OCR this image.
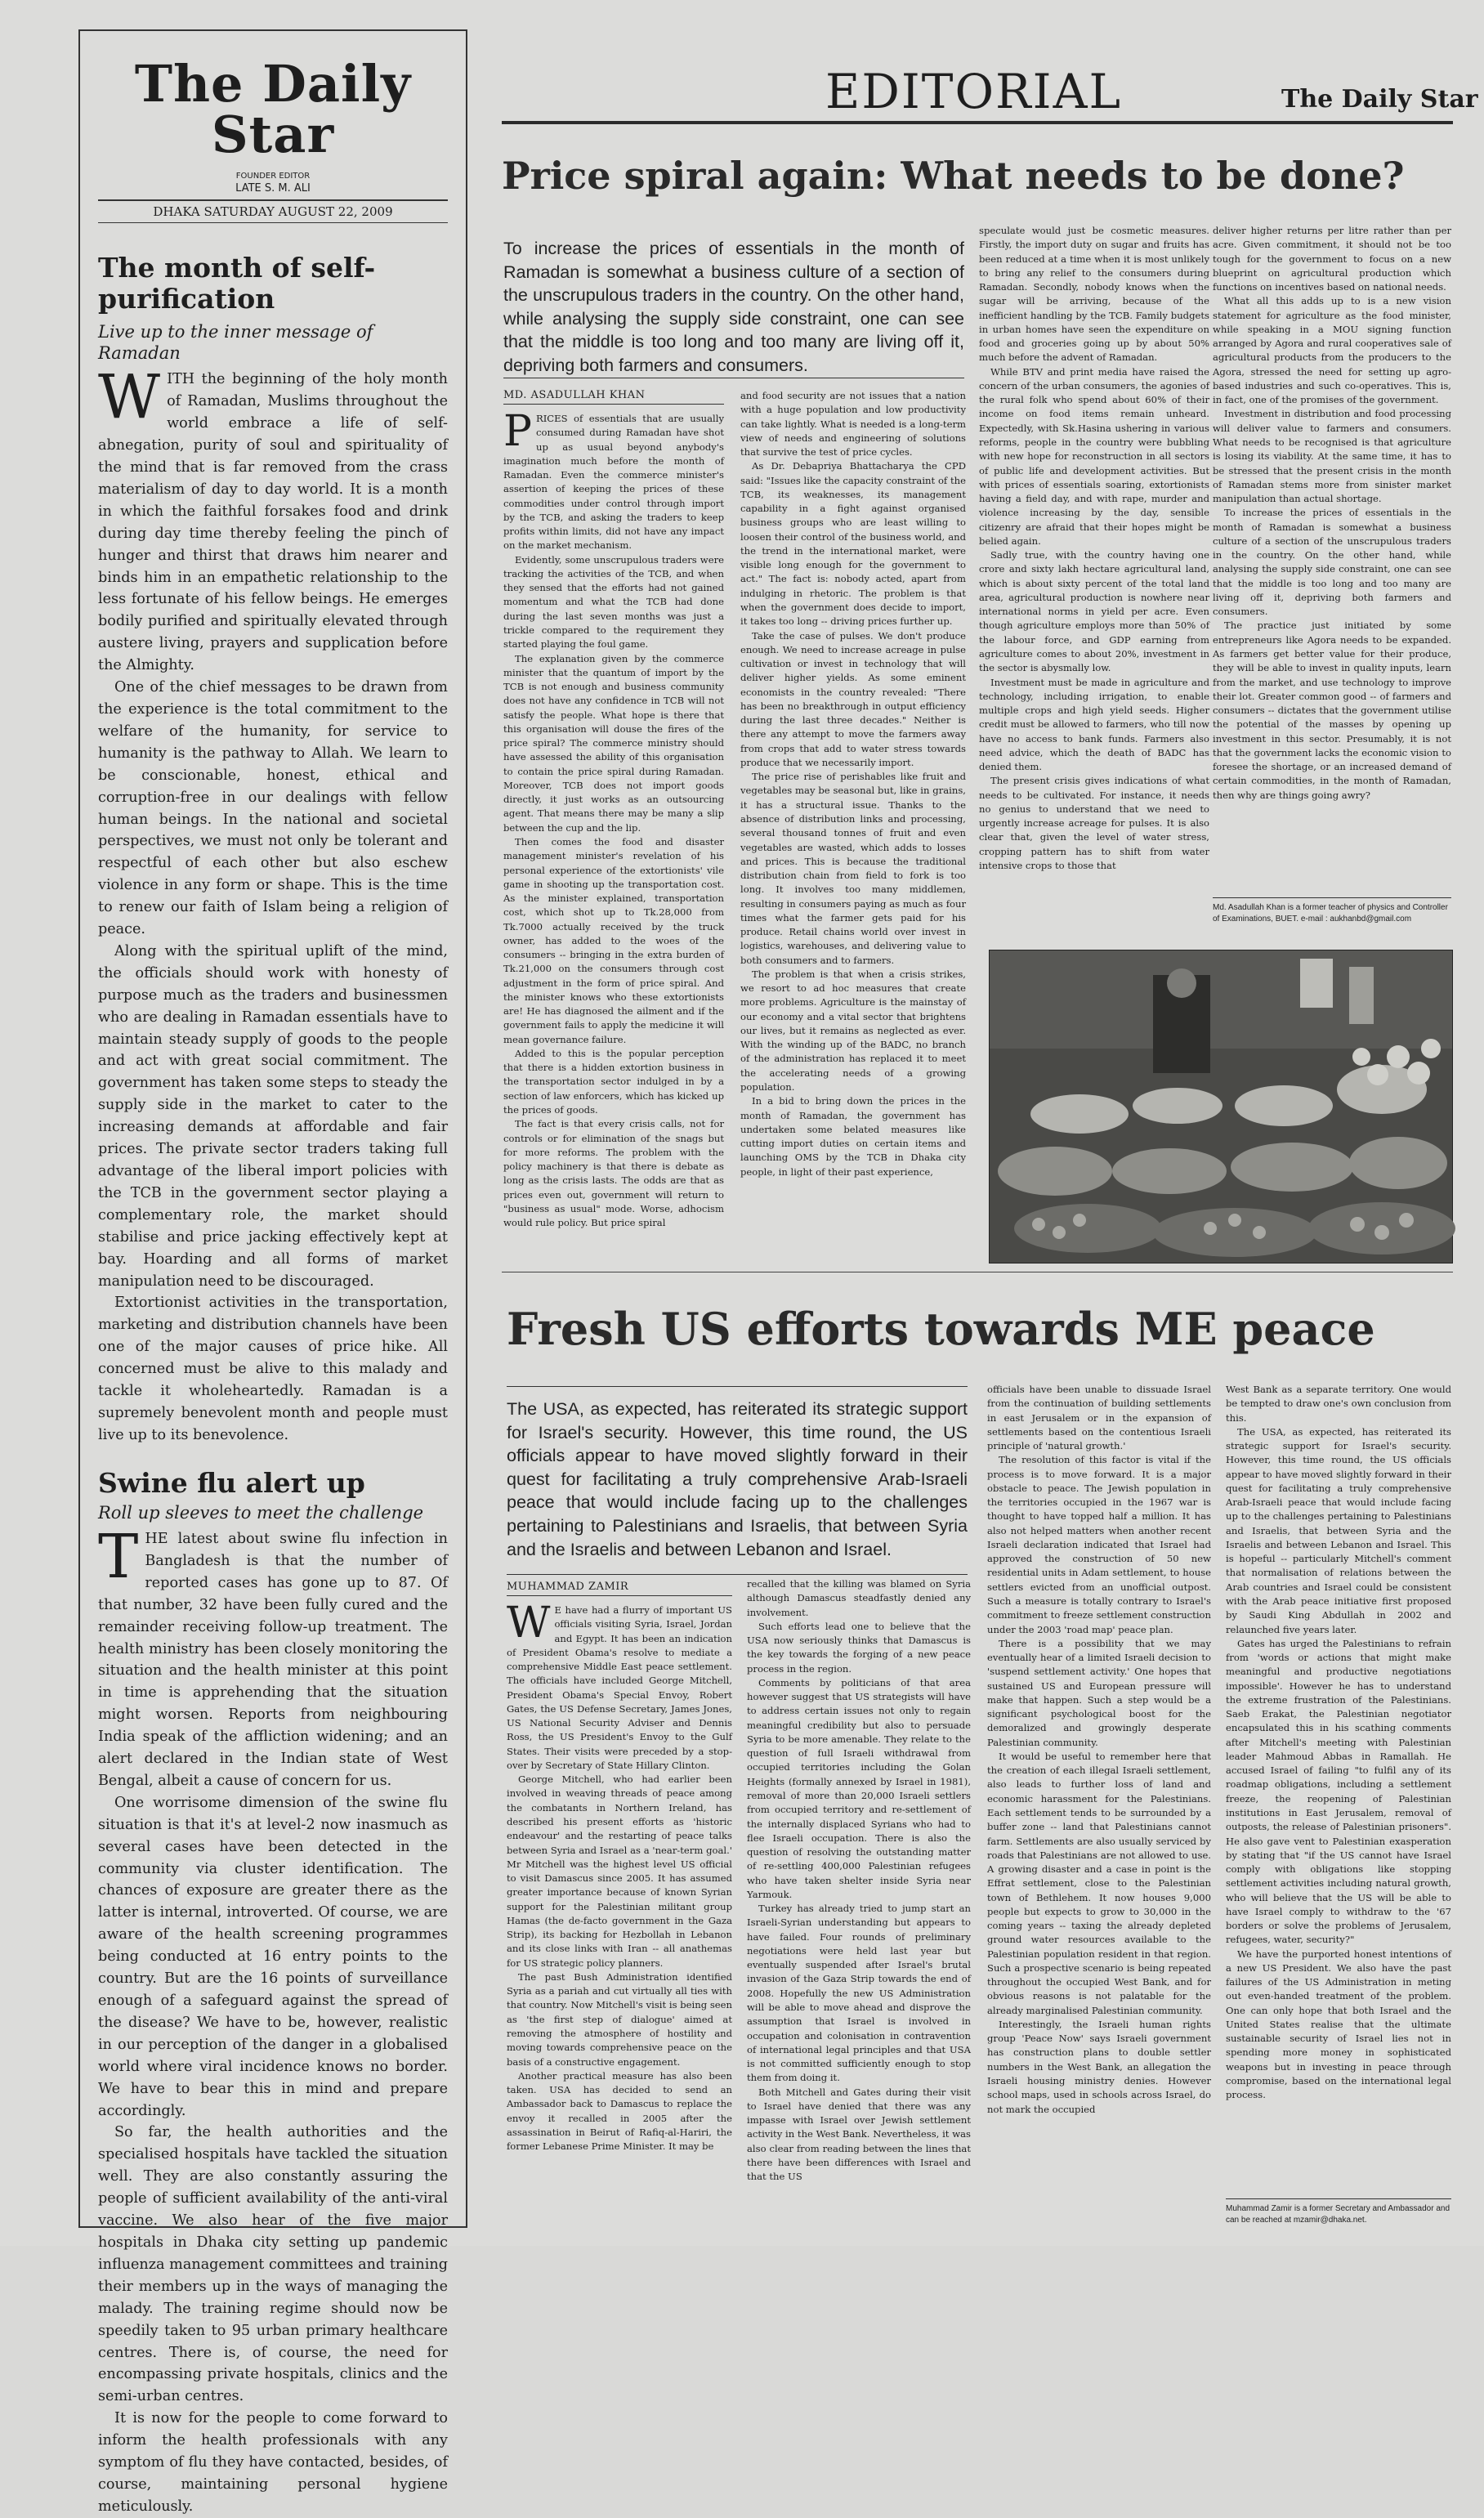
The Daily Star
FOUNDER EDITOR
LATE S. M. ALI
DHAKA SATURDAY AUGUST 22, 2009
The month of self-purification
Live up to the inner message of Ramadan

WITH the beginning of the holy month of Ramadan, Muslims throughout the world embrace a life of self-abnegation, purity of soul and spirituality of the mind that is far removed from the crass materialism of day to day world. It is a month in which the faithful forsakes food and drink during day time thereby feeling the pinch of hunger and thirst that draws him nearer and binds him in an empathetic relationship to the less fortunate of his fellow beings. He emerges bodily purified and spiritually elevated through austere living, prayers and supplication before the Almighty.

One of the chief messages to be drawn from the experience is the total commitment to the welfare of the humanity, for service to humanity is the pathway to Allah. We learn to be conscionable, honest, ethical and corruption-free in our dealings with fellow human beings. In the national and societal perspectives, we must not only be tolerant and respectful of each other but also eschew violence in any form or shape. This is the time to renew our faith of Islam being a religion of peace.

Along with the spiritual uplift of the mind, the officials should work with honesty of purpose much as the traders and businessmen who are dealing in Ramadan essentials have to maintain steady supply of goods to the people and act with great social commitment. The government has taken some steps to steady the supply side in the market to cater to the increasing demands at affordable and fair prices. The private sector traders taking full advantage of the liberal import policies with the TCB in the government sector playing a complementary role, the market should stabilise and price jacking effectively kept at bay. Hoarding and all forms of market manipulation need to be discouraged.

Extortionist activities in the transportation, marketing and distribution channels have been one of the major causes of price hike. All concerned must be alive to this malady and tackle it wholeheartedly. Ramadan is a supremely benevolent month and people must live up to its benevolence.

Swine flu alert up
Roll up sleeves to meet the challenge

THE latest about swine flu infection in Bangladesh is that the number of reported cases has gone up to 87. Of that number, 32 have been fully cured and the remainder receiving follow-up treatment. The health ministry has been closely monitoring the situation and the health minister at this point in time is apprehending that the situation might worsen. Reports from neighbouring India speak of the affliction widening; and an alert declared in the Indian state of West Bengal, albeit a cause of concern for us.

One worrisome dimension of the swine flu situation is that it's at level-2 now inasmuch as several cases have been detected in the community via cluster identification. The chances of exposure are greater there as the latter is internal, introverted. Of course, we are aware of the health screening programmes being conducted at 16 entry points to the country. But are the 16 points of surveillance enough of a safeguard against the spread of the disease? We have to be, however, realistic in our perception of the danger in a globalised world where viral incidence knows no border. We have to bear this in mind and prepare accordingly.

So far, the health authorities and the specialised hospitals have tackled the situation well. They are also constantly assuring the people of sufficient availability of the anti-viral vaccine. We also hear of the five major hospitals in Dhaka city setting up pandemic influenza management committees and training their members up in the ways of managing the malady. The training regime should now be speedily taken to 95 urban primary healthcare centres. There is, of course, the need for encompassing private hospitals, clinics and the semi-urban centres.

It is now for the people to come forward to inform the health professionals with any symptom of flu they have contacted, besides, of course, maintaining personal hygiene meticulously.

EDITORIAL	The Daily Star
Price spiral again: What needs to be done?
To increase the prices of essentials in the month of Ramadan is somewhat a business culture of a section of the unscrupulous traders in the country. On the other hand, while analysing the supply side constraint, one can see that the middle is too long and too many are living off it, depriving both farmers and consumers.
MD. ASADULLAH KHAN

PRICES of essentials that are usually consumed during Ramadan have shot up as usual beyond anybody's imagination much before the month of Ramadan. Even the commerce minister's assertion of keeping the prices of these commodities under control through import by the TCB, and asking the traders to keep profits within limits, did not have any impact on the market mechanism.

Evidently, some unscrupulous traders were tracking the activities of the TCB, and when they sensed that the efforts had not gained momentum and what the TCB had done during the last seven months was just a trickle compared to the requirement they started playing the foul game.

The explanation given by the commerce minister that the quantum of import by the TCB is not enough and business community does not have any confidence in TCB will not satisfy the people. What hope is there that this organisation will douse the fires of the price spiral? The commerce ministry should have assessed the ability of this organisation to contain the price spiral during Ramadan. Moreover, TCB does not import goods directly, it just works as an outsourcing agent. That means there may be many a slip between the cup and the lip.

Then comes the food and disaster management minister's revelation of his personal experience of the extortionists' vile game in shooting up the transportation cost. As the minister explained, transportation cost, which shot up to Tk.28,000 from Tk.7000 actually received by the truck owner, has added to the woes of the consumers -- bringing in the extra burden of Tk.21,000 on the consumers through cost adjustment in the form of price spiral. And the minister knows who these extortionists are! He has diagnosed the ailment and if the government fails to apply the medicine it will mean governance failure.

Added to this is the popular perception that there is a hidden extortion business in the transportation sector indulged in by a section of law enforcers, which has kicked up the prices of goods.

The fact is that every crisis calls, not for controls or for elimination of the snags but for more reforms. The problem with the policy machinery is that there is debate as long as the crisis lasts. The odds are that as prices even out, government will return to "business as usual" mode. Worse, adhocism would rule policy. But price spiral

and food security are not issues that a nation with a huge population and low productivity can take lightly. What is needed is a long-term view of needs and engineering of solutions that survive the test of price cycles.

As Dr. Debapriya Bhattacharya the CPD said: "Issues like the capacity constraint of the TCB, its weaknesses, its management capability in a fight against organised business groups who are least willing to loosen their control of the business world, and the trend in the international market, were visible long enough for the government to act." The fact is: nobody acted, apart from indulging in rhetoric. The problem is that when the government does decide to import, it takes too long -- driving prices further up.

Take the case of pulses. We don't produce enough. We need to increase acreage in pulse cultivation or invest in technology that will deliver higher yields. As some eminent economists in the country revealed: "There has been no breakthrough in output efficiency during the last three decades." Neither is there any attempt to move the farmers away from crops that add to water stress towards produce that we necessarily import.

The price rise of perishables like fruit and vegetables may be seasonal but, like in grains, it has a structural issue. Thanks to the absence of distribution links and processing, several thousand tonnes of fruit and even vegetables are wasted, which adds to losses and prices. This is because the traditional distribution chain from field to fork is too long. It involves too many middlemen, resulting in consumers paying as much as four times what the farmer gets paid for his produce. Retail chains world over invest in logistics, warehouses, and delivering value to both consumers and to farmers.

The problem is that when a crisis strikes, we resort to ad hoc measures that create more problems. Agriculture is the mainstay of our economy and a vital sector that brightens our lives, but it remains as neglected as ever. With the winding up of the BADC, no branch of the administration has replaced it to meet the accelerating needs of a growing population.

In a bid to bring down the prices in the month of Ramadan, the government has undertaken some belated measures like cutting import duties on certain items and launching OMS by the TCB in Dhaka city people, in light of their past experience,

speculate would just be cosmetic measures. Firstly, the import duty on sugar and fruits has been reduced at a time when it is most unlikely to bring any relief to the consumers during Ramadan. Secondly, nobody knows when the sugar will be arriving, because of the inefficient handling by the TCB. Family budgets in urban homes have seen the expenditure on food and groceries going up by about 50% much before the advent of Ramadan.

While BTV and print media have raised the concern of the urban consumers, the agonies of the rural folk who spend about 60% of their income on food items remain unheard. Expectedly, with Sk.Hasina ushering in various reforms, people in the country were bubbling with new hope for reconstruction in all sectors of public life and development activities. But with prices of essentials soaring, extortionists having a field day, and with rape, murder and violence increasing by the day, sensible citizenry are afraid that their hopes might be belied again.

Sadly true, with the country having one crore and sixty lakh hectare agricultural land, which is about sixty percent of the total land area, agricultural production is nowhere near international norms in yield per acre. Even though agriculture employs more than 50% of the labour force, and GDP earning from agriculture comes to about 20%, investment in the sector is abysmally low.

Investment must be made in agriculture and technology, including irrigation, to enable multiple crops and high yield seeds. Higher credit must be allowed to farmers, who till now have no access to bank funds. Farmers also need advice, which the death of BADC has denied them.

The present crisis gives indications of what needs to be cultivated. For instance, it needs no genius to understand that we need to urgently increase acreage for pulses. It is also clear that, given the level of water stress, cropping pattern has to shift from water intensive crops to those that

deliver higher returns per litre rather than per acre. Given commitment, it should not be too tough for the government to focus on a new blueprint on agricultural production which functions on incentives based on national needs.

What all this adds up to is a new vision statement for agriculture as the food minister, while speaking in a MOU signing function arranged by Agora and rural cooperatives sale of agricultural products from the producers to the Agora, stressed the need for setting up agro-based industries and such co-operatives. This is, in fact, one of the promises of the government.

Investment in distribution and food processing will deliver value to farmers and consumers. What needs to be recognised is that agriculture is losing its viability. At the same time, it has to be stressed that the present crisis in the month of Ramadan stems more from sinister market manipulation than actual shortage.

To increase the prices of essentials in the month of Ramadan is somewhat a business culture of a section of the unscrupulous traders in the country. On the other hand, while analysing the supply side constraint, one can see that the middle is too long and too many are living off it, depriving both farmers and consumers.

The practice just initiated by some entrepreneurs like Agora needs to be expanded. As farmers get better value for their produce, they will be able to invest in quality inputs, learn from the market, and use technology to improve their lot. Greater common good -- of farmers and consumers -- dictates that the government utilise the potential of the masses by opening up investment in this sector. Presumably, it is not that the government lacks the economic vision to foresee the shortage, or an increased demand of certain commodities, in the month of Ramadan, then why are things going awry?

Md. Asadullah Khan is a former teacher of physics and Controller of Examinations, BUET. e-mail : aukhanbd@gmail.com
Fresh US efforts towards ME peace
The USA, as expected, has reiterated its strategic support for Israel's security. However, this time round, the US officials appear to have moved slightly forward in their quest for facilitating a truly comprehensive Arab-Israeli peace that would include facing up to the challenges pertaining to Palestinians and Israelis, that between Syria and the Israelis and between Lebanon and Israel.
MUHAMMAD ZAMIR

W E have had a flurry of important US officials visiting Syria, Israel, Jordan and Egypt. It has been an indication of President Obama's resolve to mediate a comprehensive Middle East peace settlement. The officials have included George Mitchell, President Obama's Special Envoy, Robert Gates, the US Defense Secretary, James Jones, US National Security Adviser and Dennis Ross, the US President's Envoy to the Gulf States. Their visits were preceded by a stop-over by Secretary of State Hillary Clinton.

George Mitchell, who had earlier been involved in weaving threads of peace among the combatants in Northern Ireland, has described his present efforts as 'historic endeavour' and the restarting of peace talks between Syria and Israel as a 'near-term goal.' Mr Mitchell was the highest level US official to visit Damascus since 2005. It has assumed greater importance because of known Syrian support for the Palestinian militant group Hamas (the de-facto government in the Gaza Strip), its backing for Hezbollah in Lebanon and its close links with Iran -- all anathemas for US strategic policy planners.

The past Bush Administration identified Syria as a pariah and cut virtually all ties with that country. Now Mitchell's visit is being seen as 'the first step of dialogue' aimed at removing the atmosphere of hostility and moving towards comprehensive peace on the basis of a constructive engagement.

Another practical measure has also been taken. USA has decided to send an Ambassador back to Damascus to replace the envoy it recalled in 2005 after the assassination in Beirut of Rafiq-al-Hariri, the former Lebanese Prime Minister. It may be

recalled that the killing was blamed on Syria although Damascus steadfastly denied any involvement.

Such efforts lead one to believe that the USA now seriously thinks that Damascus is the key towards the forging of a new peace process in the region.

Comments by politicians of that area however suggest that US strategists will have to address certain issues not only to regain meaningful credibility but also to persuade Syria to be more amenable. They relate to the question of full Israeli withdrawal from occupied territories including the Golan Heights (formally annexed by Israel in 1981), removal of more than 20,000 Israeli settlers from occupied territory and re-settlement of the internally displaced Syrians who had to flee Israeli occupation. There is also the question of resolving the outstanding matter of re-settling 400,000 Palestinian refugees who have taken shelter inside Syria near Yarmouk.

Turkey has already tried to jump start an Israeli-Syrian understanding but appears to have failed. Four rounds of preliminary negotiations were held last year but eventually suspended after Israel's brutal invasion of the Gaza Strip towards the end of 2008. Hopefully the new US Administration will be able to move ahead and disprove the assumption that Israel is involved in occupation and colonisation in contravention of international legal principles and that USA is not committed sufficiently enough to stop them from doing it.

Both Mitchell and Gates during their visit to Israel have denied that there was any impasse with Israel over Jewish settlement activity in the West Bank. Nevertheless, it was also clear from reading between the lines that there have been differences with Israel and that the US

officials have been unable to dissuade Israel from the continuation of building settlements in east Jerusalem or in the expansion of settlements based on the contentious Israeli principle of 'natural growth.'

The resolution of this factor is vital if the process is to move forward. It is a major obstacle to peace. The Jewish population in the territories occupied in the 1967 war is thought to have topped half a million. It has also not helped matters when another recent Israeli declaration indicated that Israel had approved the construction of 50 new residential units in Adam settlement, to house settlers evicted from an unofficial outpost. Such a measure is totally contrary to Israel's commitment to freeze settlement construction under the 2003 'road map' peace plan.

There is a possibility that we may eventually hear of a limited Israeli decision to 'suspend settlement activity.' One hopes that sustained US and European pressure will make that happen. Such a step would be a significant psychological boost for the demoralized and growingly desperate Palestinian community.

It would be useful to remember here that the creation of each illegal Israeli settlement, also leads to further loss of land and economic harassment for the Palestinians. Each settlement tends to be surrounded by a buffer zone -- land that Palestinians cannot farm. Settlements are also usually serviced by roads that Palestinians are not allowed to use. A growing disaster and a case in point is the Effrat settlement, close to the Palestinian town of Bethlehem. It now houses 9,000 people but expects to grow to 30,000 in the coming years -- taxing the already depleted ground water resources available to the Palestinian population resident in that region. Such a prospective scenario is being repeated throughout the occupied West Bank, and for obvious reasons is not palatable for the already marginalised Palestinian community.

Interestingly, the Israeli human rights group 'Peace Now' says Israeli government has construction plans to double settler numbers in the West Bank, an allegation the Israeli housing ministry denies. However school maps, used in schools across Israel, do not mark the occupied

West Bank as a separate territory. One would be tempted to draw one's own conclusion from this.

The USA, as expected, has reiterated its strategic support for Israel's security. However, this time round, the US officials appear to have moved slightly forward in their quest for facilitating a truly comprehensive Arab-Israeli peace that would include facing up to the challenges pertaining to Palestinians and Israelis, that between Syria and the Israelis and between Lebanon and Israel. This is hopeful -- particularly Mitchell's comment that normalisation of relations between the Arab countries and Israel could be consistent with the Arab peace initiative first proposed by Saudi King Abdullah in 2002 and relaunched five years later.

Gates has urged the Palestinians to refrain from 'words or actions that might make meaningful and productive negotiations impossible'. However he has to understand the extreme frustration of the Palestinians. Saeb Erakat, the Palestinian negotiator encapsulated this in his scathing comments after Mitchell's meeting with Palestinian leader Mahmoud Abbas in Ramallah. He accused Israel of failing "to fulfil any of its roadmap obligations, including a settlement freeze, the reopening of Palestinian institutions in East Jerusalem, removal of outposts, the release of Palestinian prisoners". He also gave vent to Palestinian exasperation by stating that "if the US cannot have Israel comply with obligations like stopping settlement activities including natural growth, who will believe that the US will be able to have Israel comply to withdraw to the '67 borders or solve the problems of Jerusalem, refugees, water, security?"

We have the purported honest intentions of a new US President. We also have the past failures of the US Administration in meting out even-handed treatment of the problem. One can only hope that both Israel and the United States realise that the ultimate sustainable security of Israel lies not in spending more money in sophisticated weapons but in investing in peace through compromise, based on the international legal process.

Muhammad Zamir is a former Secretary and Ambassador and can be reached at mzamir@dhaka.net.
